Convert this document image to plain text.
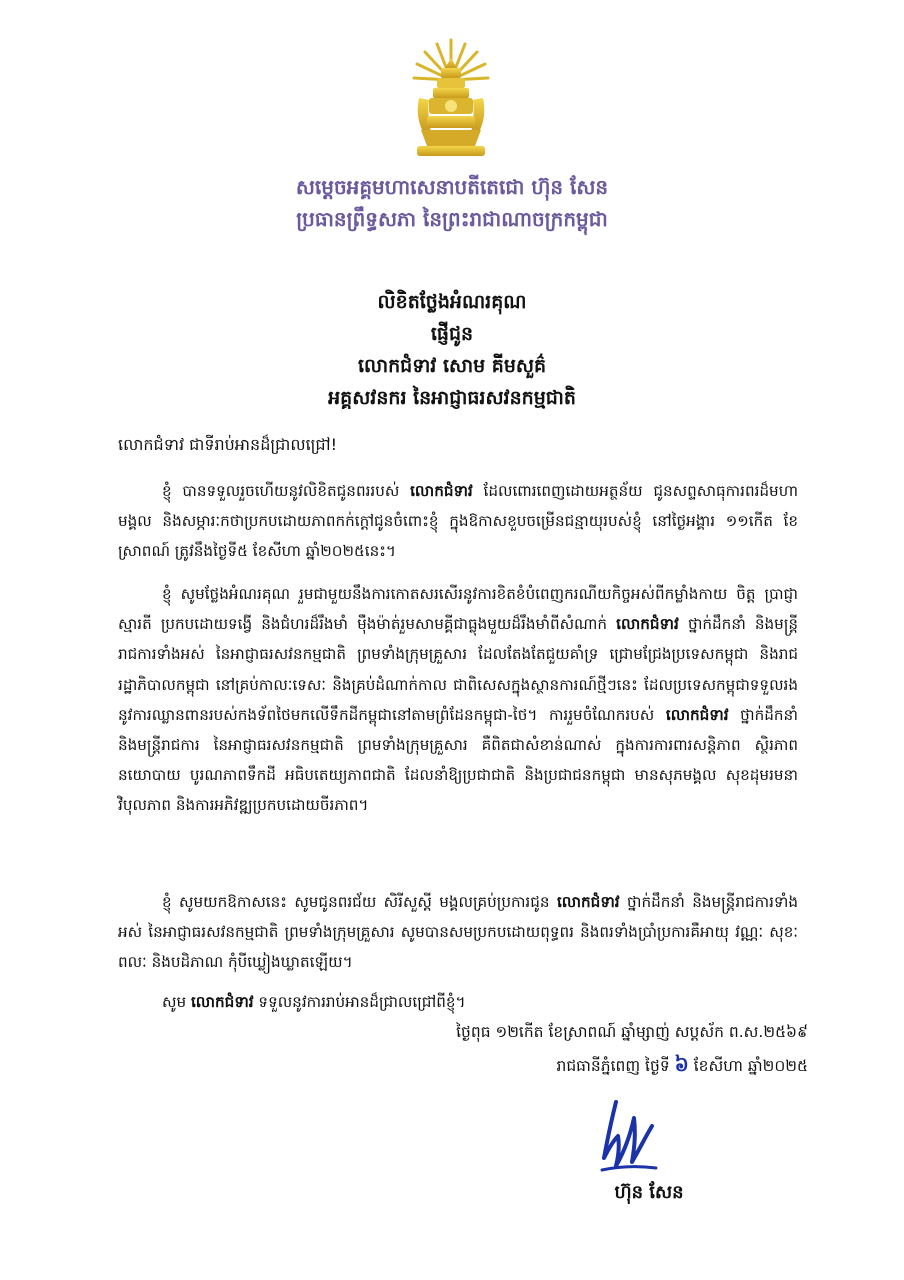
សម្តេចអគ្គមហាសេនាបតីតេជោ ហ៊ុន សែន
ប្រធានព្រឹទ្ធសភា នៃព្រះរាជាណាចក្រកម្ពុជា
លិខិតថ្លែងអំណរគុណ
ផ្ញើជូន
លោកជំទាវ សោម គីមសួគ៌
អគ្គសវនករ នៃអាជ្ញាធរសវនកម្មជាតិ
លោកជំទាវ ជាទីរាប់អានដ៏ជ្រាលជ្រៅ!
ខ្ញុំ បានទទួលរួចហើយនូវលិខិតជូនពររបស់ លោកជំទាវ ដែលពោរពេញដោយអត្ថន័យ ជូនសព្ទសាធុការពរដ៏មហាមង្គល និងសម្ភារៈកថាប្រកបដោយភាពកក់ក្ដៅជូនចំពោះខ្ញុំ ក្នុងឱកាសខួបចម្រើនជន្មាយុរបស់ខ្ញុំ នៅថ្ងៃអង្គារ ១១កើត ខែស្រាពណ៍ ត្រូវនឹងថ្ងៃទី៥ ខែសីហា ឆ្នាំ២០២៥នេះ។
ខ្ញុំ សូមថ្លែងអំណរគុណ រួមជាមួយនឹងការកោតសរសើរនូវការខិតខំបំពេញករណីយកិច្ចអស់ពីកម្លាំងកាយ ចិត្ត ប្រាជ្ញា ស្មារតី ប្រកបដោយទង្វើ និងជំហរដ៏រឹងមាំ ម៉ឺងម៉ាត់រួមសាមគ្គីជាធ្លុងមួយដ៏រឹងមាំពីសំណាក់ លោកជំទាវ ថ្នាក់ដឹកនាំ និងមន្ត្រីរាជការទាំងអស់ នៃអាជ្ញាធរសវនកម្មជាតិ ព្រមទាំងក្រុមគ្រួសារ ដែលតែងតែជួយគាំទ្រ ជ្រោមជ្រែងប្រទេសកម្ពុជា និងរាជរដ្ឋាភិបាលកម្ពុជា នៅគ្រប់កាលៈទេសៈ និងគ្រប់ដំណាក់កាល ជាពិសេសក្នុងស្ថានការណ៍ថ្មីៗនេះ ដែលប្រទេសកម្ពុជាទទួលរងនូវការឈ្លានពានរបស់កងទ័ពថៃមកលើទឹកដីកម្ពុជានៅតាមព្រំដែនកម្ពុជា-ថៃ។ ការរួមចំណែករបស់ លោកជំទាវ ថ្នាក់ដឹកនាំ និងមន្ត្រីរាជការ នៃអាជ្ញាធរសវនកម្មជាតិ ព្រមទាំងក្រុមគ្រួសារ គឺពិតជាសំខាន់ណាស់ ក្នុងការការពារសន្តិភាព ស្ថិរភាពនយោបាយ បូរណភាពទឹកដី អធិបតេយ្យភាពជាតិ ដែលនាំឱ្យប្រជាជាតិ និងប្រជាជនកម្ពុជា មានសុភមង្គល សុខដុមរមនា វិបុលភាព និងការអភិវឌ្ឍប្រកបដោយចីរភាព។
ខ្ញុំ សូមយកឱកាសនេះ សូមជូនពរជ័យ សិរីសួស្តី មង្គលគ្រប់ប្រការជូន លោកជំទាវ ថ្នាក់ដឹកនាំ និងមន្ត្រីរាជការទាំងអស់ នៃអាជ្ញាធរសវនកម្មជាតិ ព្រមទាំងក្រុមគ្រួសារ សូមបានសមប្រកបដោយពុទ្ធពរ និងពរទាំងប្រាំប្រការគឺអាយុ វណ្ណៈ សុខៈ ពលៈ និងបដិភាណ កុំបីឃ្លៀងឃ្លាតឡើយ។
សូម លោកជំទាវ ទទួលនូវការរាប់អានដ៏ជ្រាលជ្រៅពីខ្ញុំ។
ថ្ងៃពុធ ១២កើត ខែស្រាពណ៍ ឆ្នាំម្សាញ់ សប្តស័ក ព.ស.២៥៦៩
រាជធានីភ្នំពេញ ថ្ងៃទី ៦ ខែសីហា ឆ្នាំ២០២៥
ហ៊ុន សែន
